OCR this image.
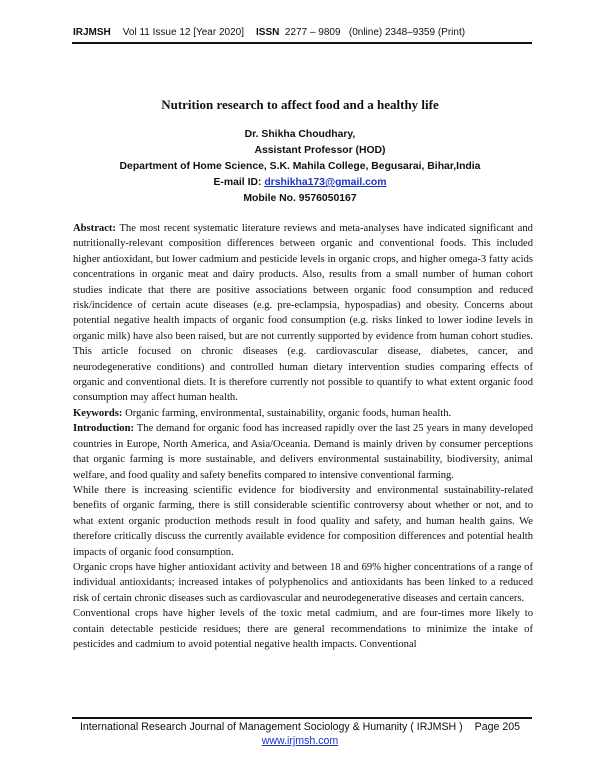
IRJMSH Vol 11 Issue 12 [Year 2020] ISSN 2277 – 9809   (0nline) 2348–9359 (Print)
Nutrition research to affect food and a healthy life
Dr. Shikha Choudhary,
Assistant Professor (HOD)
Department of Home Science, S.K. Mahila College, Begusarai, Bihar,India
E-mail ID: drshikha173@gmail.com
Mobile No. 9576050167

Abstract: The most recent systematic literature reviews and meta-analyses have indicated significant and nutritionally-relevant composition differences between organic and conventional foods. This included higher antioxidant, but lower cadmium and pesticide levels in organic crops, and higher omega-3 fatty acids concentrations in organic meat and dairy products. Also, results from a small number of human cohort studies indicate that there are positive associations between organic food consumption and reduced risk/incidence of certain acute diseases (e.g. pre-eclampsia, hypospadias) and obesity. Concerns about potential negative health impacts of organic food consumption (e.g. risks linked to lower iodine levels in organic milk) have also been raised, but are not currently supported by evidence from human cohort studies. This article focused on chronic diseases (e.g. cardiovascular disease, diabetes, cancer, and neurodegenerative conditions) and controlled human dietary intervention studies comparing effects of organic and conventional diets. It is therefore currently not possible to quantify to what extent organic food consumption may affect human health.

Keywords: Organic farming, environmental, sustainability, organic foods, human health.

Introduction: The demand for organic food has increased rapidly over the last 25 years in many developed countries in Europe, North America, and Asia/Oceania. Demand is mainly driven by consumer perceptions that organic farming is more sustainable, and delivers environmental sustainability, biodiversity, animal welfare, and food quality and safety benefits compared to intensive conventional farming.

While there is increasing scientific evidence for biodiversity and environmental sustainability-related benefits of organic farming, there is still considerable scientific controversy about whether or not, and to what extent organic production methods result in food quality and safety, and human health gains. We therefore critically discuss the currently available evidence for composition differences and potential health impacts of organic food consumption.

Organic crops have higher antioxidant activity and between 18 and 69% higher concentrations of a range of individual antioxidants; increased intakes of polyphenolics and antioxidants has been linked to a reduced risk of certain chronic diseases such as cardiovascular and neurodegenerative diseases and certain cancers.

Conventional crops have higher levels of the toxic metal cadmium, and are four-times more likely to contain detectable pesticide residues; there are general recommendations to minimize the intake of pesticides and cadmium to avoid potential negative health impacts. Conventional

International Research Journal of Management Sociology & Humanity ( IRJMSH ) Page 205
www.irjmsh.com
